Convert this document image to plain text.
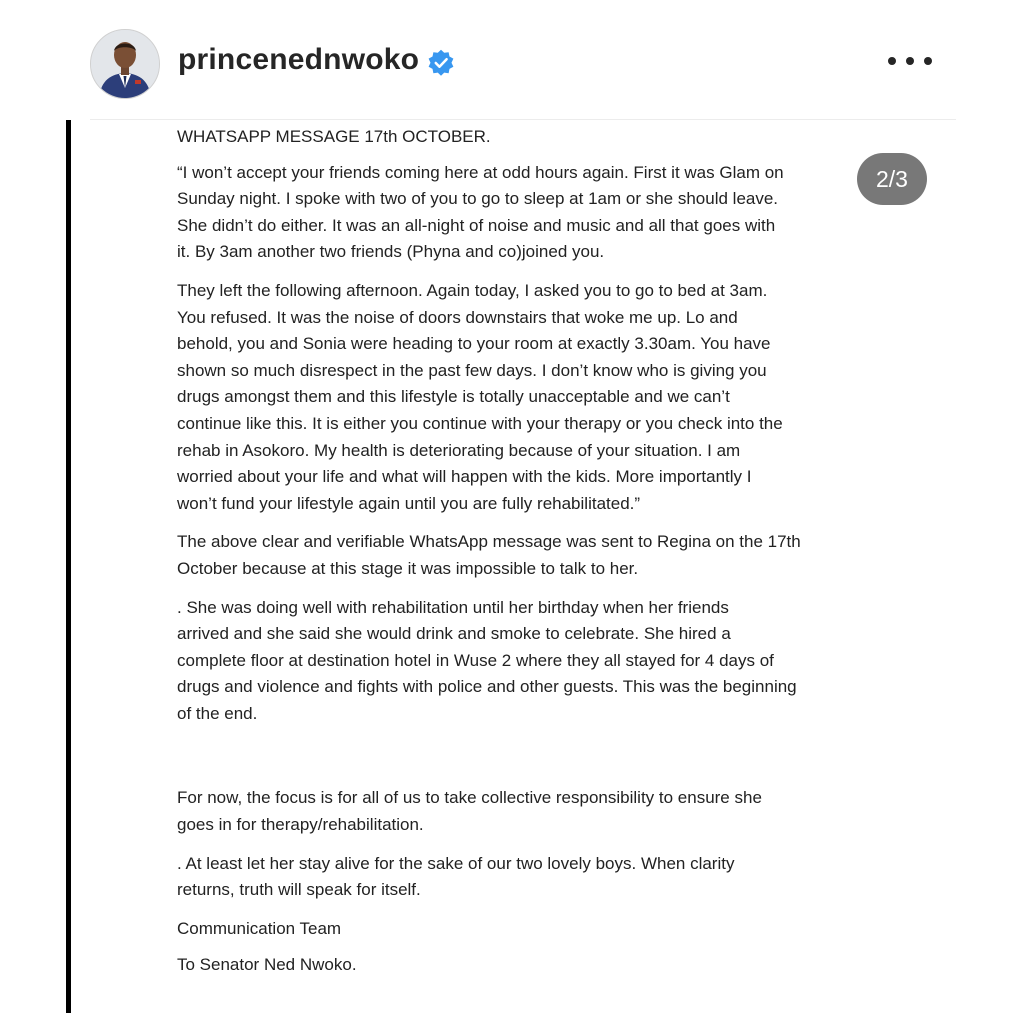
princenednwoko
WHATSAPP MESSAGE 17th OCTOBER.
“I won’t accept your friends coming here at odd hours again. First it was Glam on
Sunday night. I spoke with two of you to go to sleep at 1am or she should leave.
She didn’t do either. It was an all-night of noise and music and all that goes with
it. By 3am another two friends (Phyna and co)joined you.
They left the following afternoon. Again today, I asked you to go to bed at 3am.
You refused. It was the noise of doors downstairs that woke me up. Lo and
behold, you and Sonia were heading to your room at exactly 3.30am. You have
shown so much disrespect in the past few days. I don’t know who is giving you
drugs amongst them and this lifestyle is totally unacceptable and we can’t
continue like this. It is either you continue with your therapy or you check into the
rehab in Asokoro. My health is deteriorating because of your situation. I am
worried about your life and what will happen with the kids. More importantly I
won’t fund your lifestyle again until you are fully rehabilitated.”
The above clear and verifiable WhatsApp message was sent to Regina on the 17th
October because at this stage it was impossible to talk to her.
. She was doing well with rehabilitation until her birthday when her friends
arrived and she said she would drink and smoke to celebrate. She hired a
complete floor at destination hotel in Wuse 2 where they all stayed for 4 days of
drugs and violence and fights with police and other guests. This was the beginning
of the end.
For now, the focus is for all of us to take collective responsibility to ensure she
goes in for therapy/rehabilitation.
. At least let her stay alive for the sake of our two lovely boys. When clarity
returns, truth will speak for itself.
Communication Team
To Senator Ned Nwoko.
2/3
